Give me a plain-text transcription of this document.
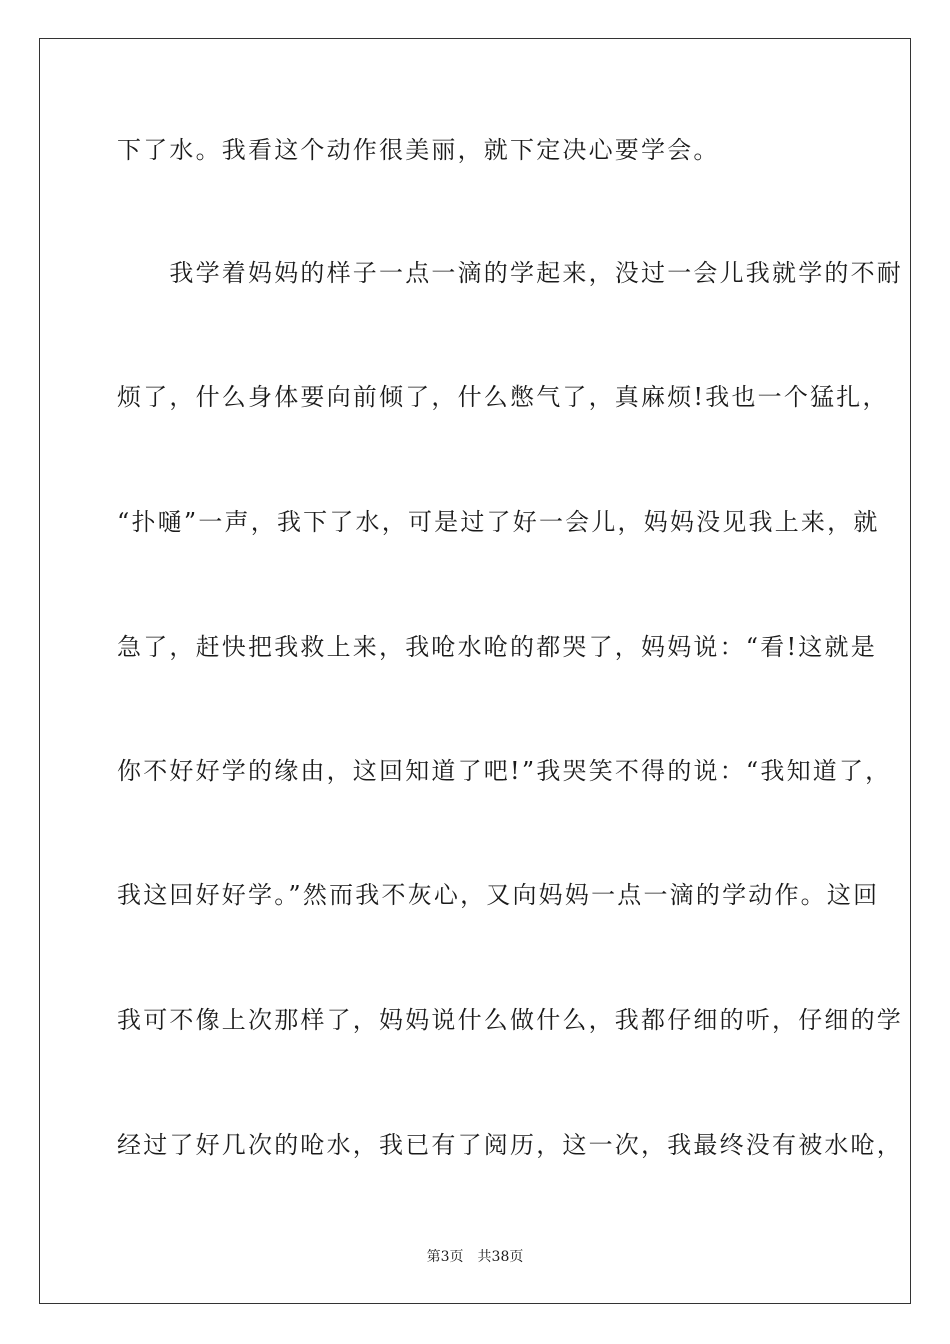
下了水。我看这个动作很美丽，就下定决心要学会。
　　我学着妈妈的样子一点一滴的学起来，没过一会儿我就学的不耐
烦了，什么身体要向前倾了，什么憋气了，真麻烦!我也一个猛扎，
“扑嗵”一声，我下了水，可是过了好一会儿，妈妈没见我上来，就
急了，赶快把我救上来，我呛水呛的都哭了，妈妈说：“看!这就是
你不好好学的缘由，这回知道了吧!”我哭笑不得的说：“我知道了，
我这回好好学。”然而我不灰心，又向妈妈一点一滴的学动作。这回
我可不像上次那样了，妈妈说什么做什么，我都仔细的听，仔细的学
经过了好几次的呛水，我已有了阅历，这一次，我最终没有被水呛，
第3页　共38页
